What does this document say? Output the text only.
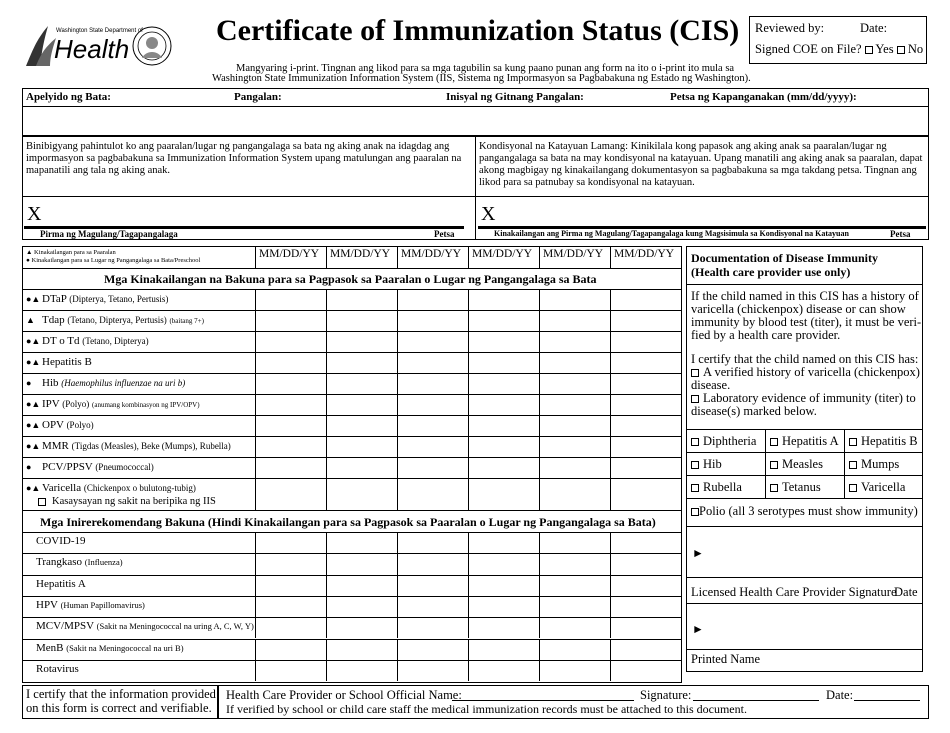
Washington State Department of
Health
Certificate of Immunization Status (CIS)
Mangyaring i-print. Tingnan ang likod para sa mga tagubilin sa kung paano punan ang form na ito o i-print ito mula sa
Washington State Immunization Information System (IIS, Sistema ng Impormasyon sa Pagbabakuna ng Estado ng Washington).
Reviewed by:	Date:
Signed COE on File? Yes No
Apelyido ng Bata:	Pangalan:	Inisyal ng Gitnang Pangalan:	Petsa ng Kapanganakan (mm/dd/yyyy):
Binibigyang pahintulot ko ang paaralan/lugar ng pangangalaga sa bata ng aking anak na idagdag ang impormasyon sa pagbabakuna sa Immunization Information System upang matulungan ang paaralan na mapanatili ang tala ng aking anak.
Kondisyonal na Katayuan Lamang: Kinikilala kong papasok ang aking anak sa paaralan/lugar ng pangangalaga sa bata na may kondisyonal na katayuan. Upang manatili ang aking anak sa paaralan, dapat akong magbigay ng kinakailangang dokumentasyon sa pagbabakuna sa mga takdang petsa. Tingnan ang likod para sa patnubay sa kondisyonal na katayuan.
X
Pirma ng Magulang/Tagapangalaga	Petsa
X
Kinakailangan ang Pirma ng Magulang/Tagapangalaga kung Magsisimula sa Kondisyonal na Katayuan	Petsa
▲ Kinakailangan para sa Paaralan
● Kinakailangan para sa Lugar ng Pangangalaga sa Bata/Preschool
MM/DD/YY MM/DD/YY MM/DD/YY MM/DD/YY MM/DD/YY MM/DD/YY
Mga Kinakailangan na Bakuna para sa Pagpasok sa Paaralan o Lugar ng Pangangalaga sa Bata
●▲ DTaP (Dipterya, Tetano, Pertusis)
▲ Tdap (Tetano, Dipterya, Pertusis) (baitang 7+)
●▲ DT o Td (Tetano, Dipterya)
●▲ Hepatitis B
● Hib (Haemophilus influenzae na uri b)
●▲ IPV (Polyo) (anumang kombinasyon ng IPV/OPV)
●▲ OPV (Polyo)
●▲ MMR (Tigdas (Measles), Beke (Mumps), Rubella)
● PCV/PPSV (Pneumococcal)
●▲ Varicella (Chickenpox o bulutong-tubig)
Kasaysayan ng sakit na beripika ng IIS
Mga Inirerekomendang Bakuna (Hindi Kinakailangan para sa Pagpasok sa Paaralan o Lugar ng Pangangalaga sa Bata)
COVID-19
Trangkaso (Influenza)
Hepatitis A
HPV (Human Papillomavirus)
MCV/MPSV (Sakit na Meningococcal na uring A, C, W, Y)
MenB (Sakit na Meningococcal na uri B)
Rotavirus
Documentation of Disease Immunity
(Health care provider use only)
If the child named in this CIS has a history of
varicella (chickenpox) disease or can show
immunity by blood test (titer), it must be veri-
fied by a health care provider.
I certify that the child named on this CIS has:
A verified history of varicella (chickenpox)
disease.
Laboratory evidence of immunity (titer) to
disease(s) marked below.
Diphtheria	Hepatitis A	Hepatitis B
Hib	Measles	Mumps
Rubella	Tetanus	Varicella
Polio (all 3 serotypes must show immunity)
►
Licensed Health Care Provider Signature
Date
►
Printed Name
I certify that the information provided
on this form is correct and verifiable.
Health Care Provider or School Official Name:	Signature:	Date:
If verified by school or child care staff the medical immunization records must be attached to this document.
